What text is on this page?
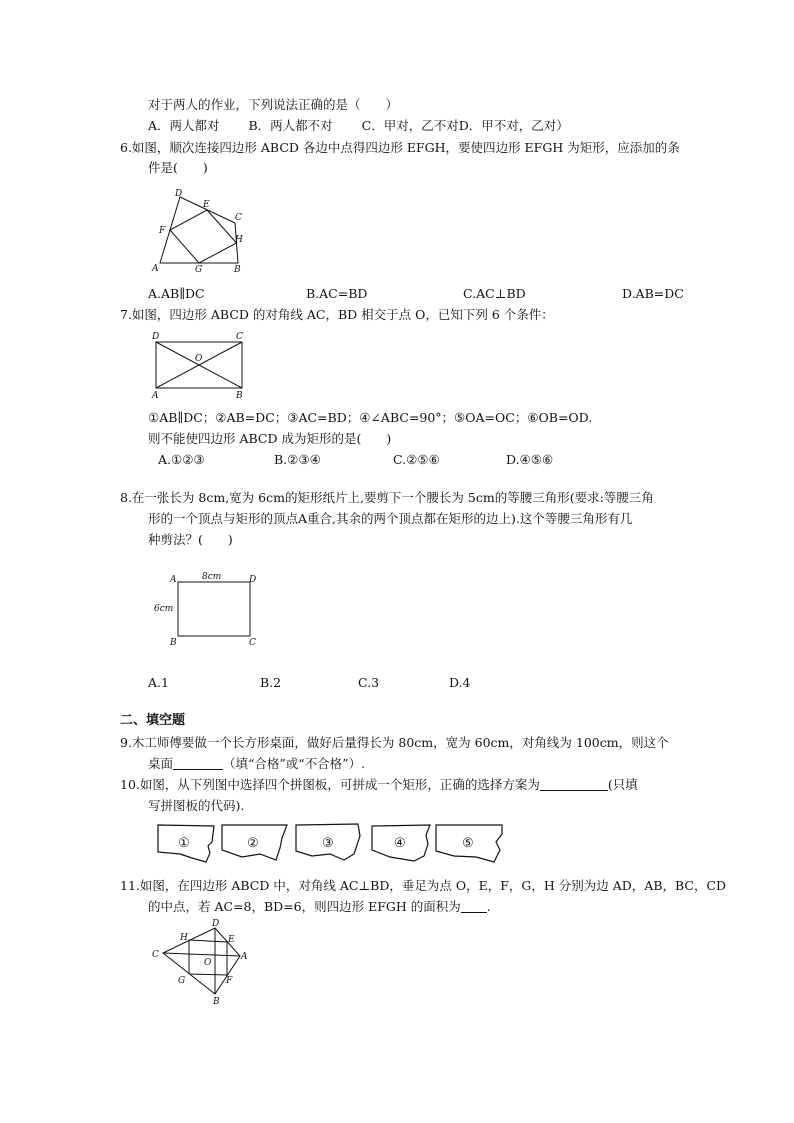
对于两人的作业，下列说法正确的是（　　）
A．两人都对　　 B．两人都不对　　 C．甲对，乙不对D．甲不对，乙对）
6.如图，顺次连接四边形 ABCD 各边中点得四边形 EFGH，要使四边形 EFGH 为矩形，应添加的条
件是(　　)
D
E
C
F
H
A	G	B
A.AB∥DC	B.AC=BD	C.AC⊥BD	D.AB=DC
7.如图，四边形 ABCD 的对角线 AC，BD 相交于点 O，已知下列 6 个条件：
D	C
O
A	B
①AB∥DC；②AB=DC；③AC=BD；④∠ABC=90°；⑤OA=OC；⑥OB=OD.
则不能使四边形 ABCD 成为矩形的是(　　)
A.①②③	B.②③④	C.②⑤⑥	D.④⑤⑥
8.在一张长为 8cm,宽为 6cm的矩形纸片上,要剪下一个腰长为 5cm的等腰三角形(要求:等腰三角
形的一个顶点与矩形的顶点A重合,其余的两个顶点都在矩形的边上).这个等腰三角形有几
种剪法？(　　)
A	8cm	D
6cm
B	C
A.1	B.2	C.3	D.4
二、填空题
9.木工师傅要做一个长方形桌面，做好后量得长为 80cm，宽为 60cm，对角线为 100cm，则这个
桌面	（填“合格”或“不合格”）.
10.如图，从下列图中选择四个拼图板，可拼成一个矩形，正确的选择方案为	(只填
写拼图板的代码).
①	②	③	④	⑤
11.如图，在四边形 ABCD 中，对角线 AC⊥BD，垂足为点 O，E，F，G，H 分别为边 AD，AB，BC，CD
的中点，若 AC=8，BD=6，则四边形 EFGH 的面积为 .
D
H	E
C
O
A
G	F
B
